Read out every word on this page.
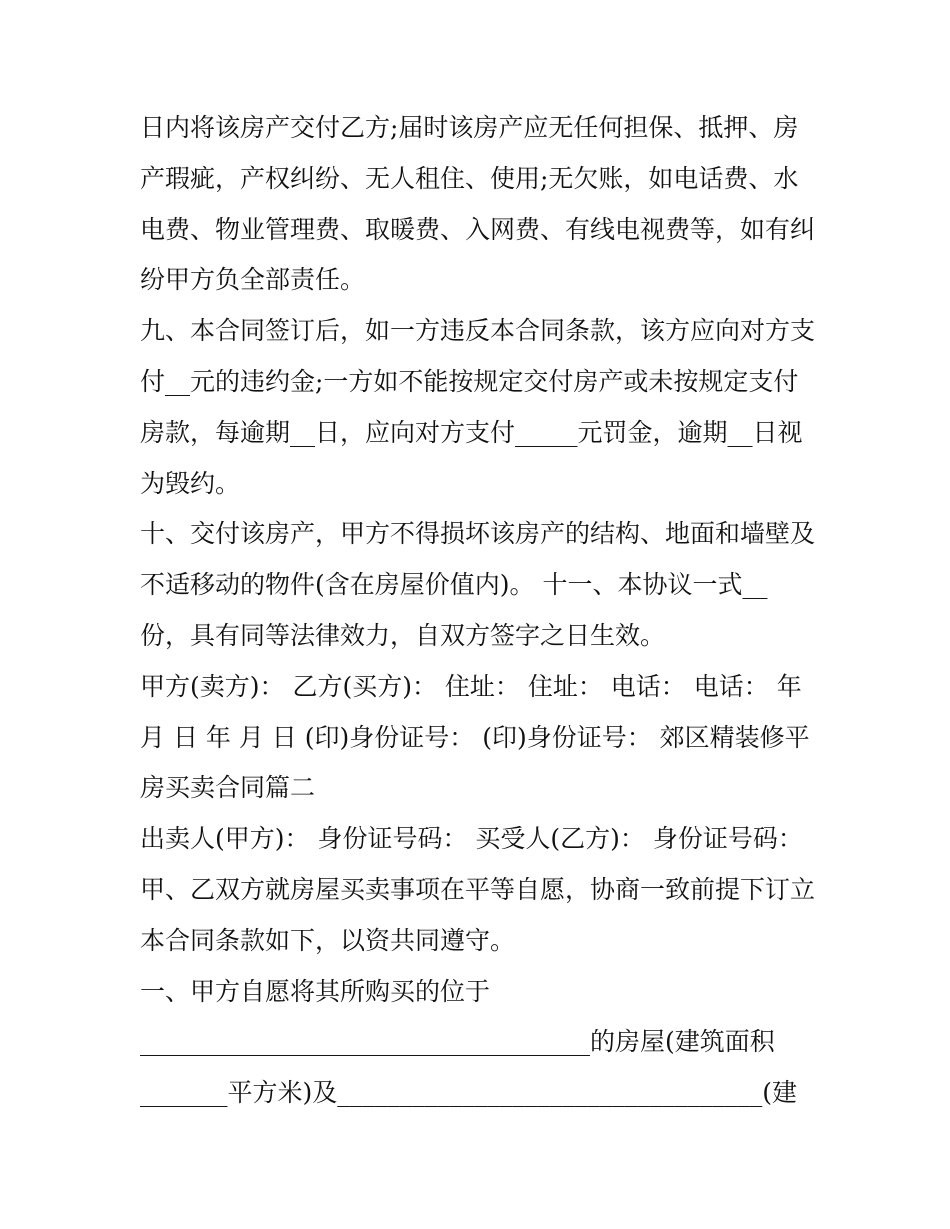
日内将该房产交付乙方;届时该房产应无任何担保、抵押、房
产瑕疵，产权纠纷、无人租住、使用;无欠账，如电话费、水
电费、物业管理费、取暖费、入网费、有线电视费等，如有纠
纷甲方负全部责任。
九、本合同签订后，如一方违反本合同条款，该方应向对方支
付__元的违约金;一方如不能按规定交付房产或未按规定支付
房款，每逾期__日，应向对方支付_____元罚金，逾期__日视
为毁约。
十、交付该房产，甲方不得损坏该房产的结构、地面和墙壁及
不适移动的物件(含在房屋价值内)。 十一、本协议一式__
份，具有同等法律效力，自双方签字之日生效。
甲方(卖方)： 乙方(买方)： 住址： 住址： 电话： 电话： 年
月 日 年 月 日 (印)身份证号： (印)身份证号： 郊区精装修平
房买卖合同篇二
出卖人(甲方)： 身份证号码： 买受人(乙方)： 身份证号码：
甲、乙双方就房屋买卖事项在平等自愿，协商一致前提下订立
本合同条款如下，以资共同遵守。
一、甲方自愿将其所购买的位于
____________________________________的房屋(建筑面积
_______平方米)及__________________________________(建
